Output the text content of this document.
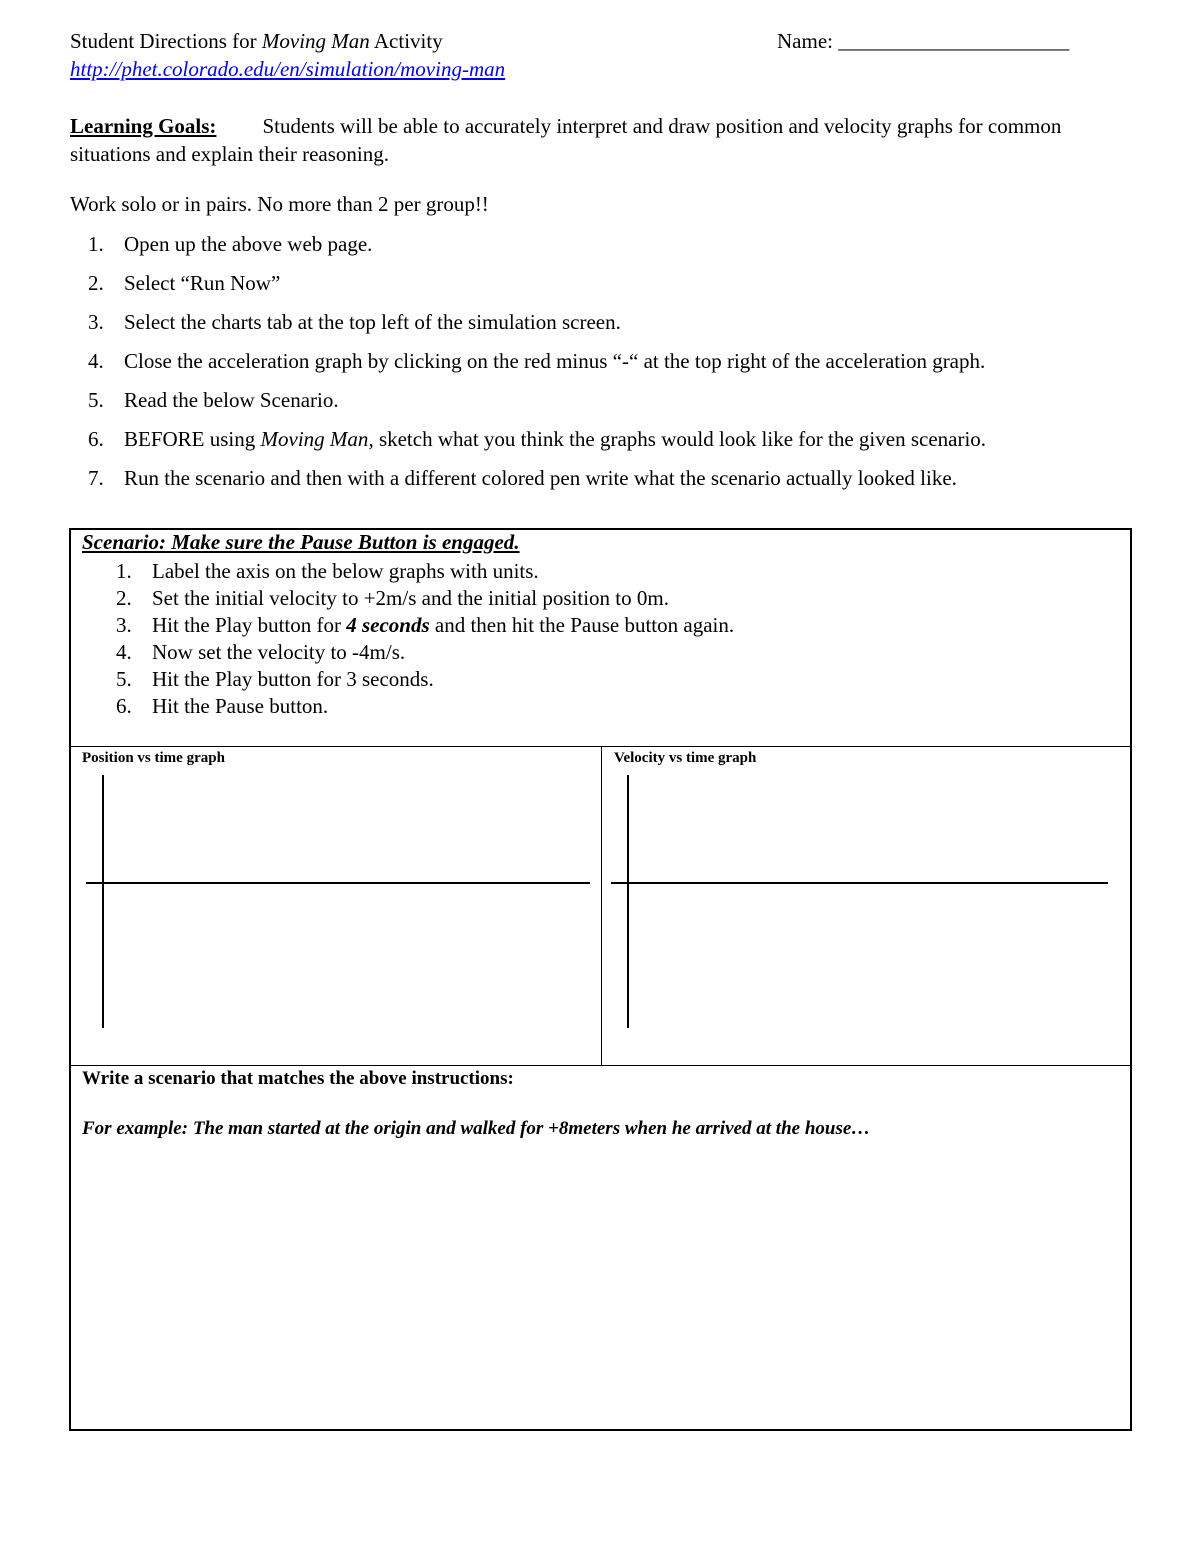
Student Directions for Moving Man Activity	Name: ______________________
http://phet.colorado.edu/en/simulation/moving-man
Learning Goals: Students will be able to accurately interpret and draw position and velocity graphs for common situations and explain their reasoning.
Work solo or in pairs. No more than 2 per group!!
1. Open up the above web page.
2. Select “Run Now”
3. Select the charts tab at the top left of the simulation screen.
4. Close the acceleration graph by clicking on the red minus “-“ at the top right of the acceleration graph.
5. Read the below Scenario.
6. BEFORE using Moving Man, sketch what you think the graphs would look like for the given scenario.
7. Run the scenario and then with a different colored pen write what the scenario actually looked like.
Scenario: Make sure the Pause Button is engaged.
1. Label the axis on the below graphs with units.
2. Set the initial velocity to +2m/s and the initial position to 0m.
3. Hit the Play button for 4 seconds and then hit the Pause button again.
4. Now set the velocity to -4m/s.
5. Hit the Play button for 3 seconds.
6. Hit the Pause button.
Position vs time graph	Velocity vs time graph
Write a scenario that matches the above instructions:
For example: The man started at the origin and walked for +8meters when he arrived at the house…
